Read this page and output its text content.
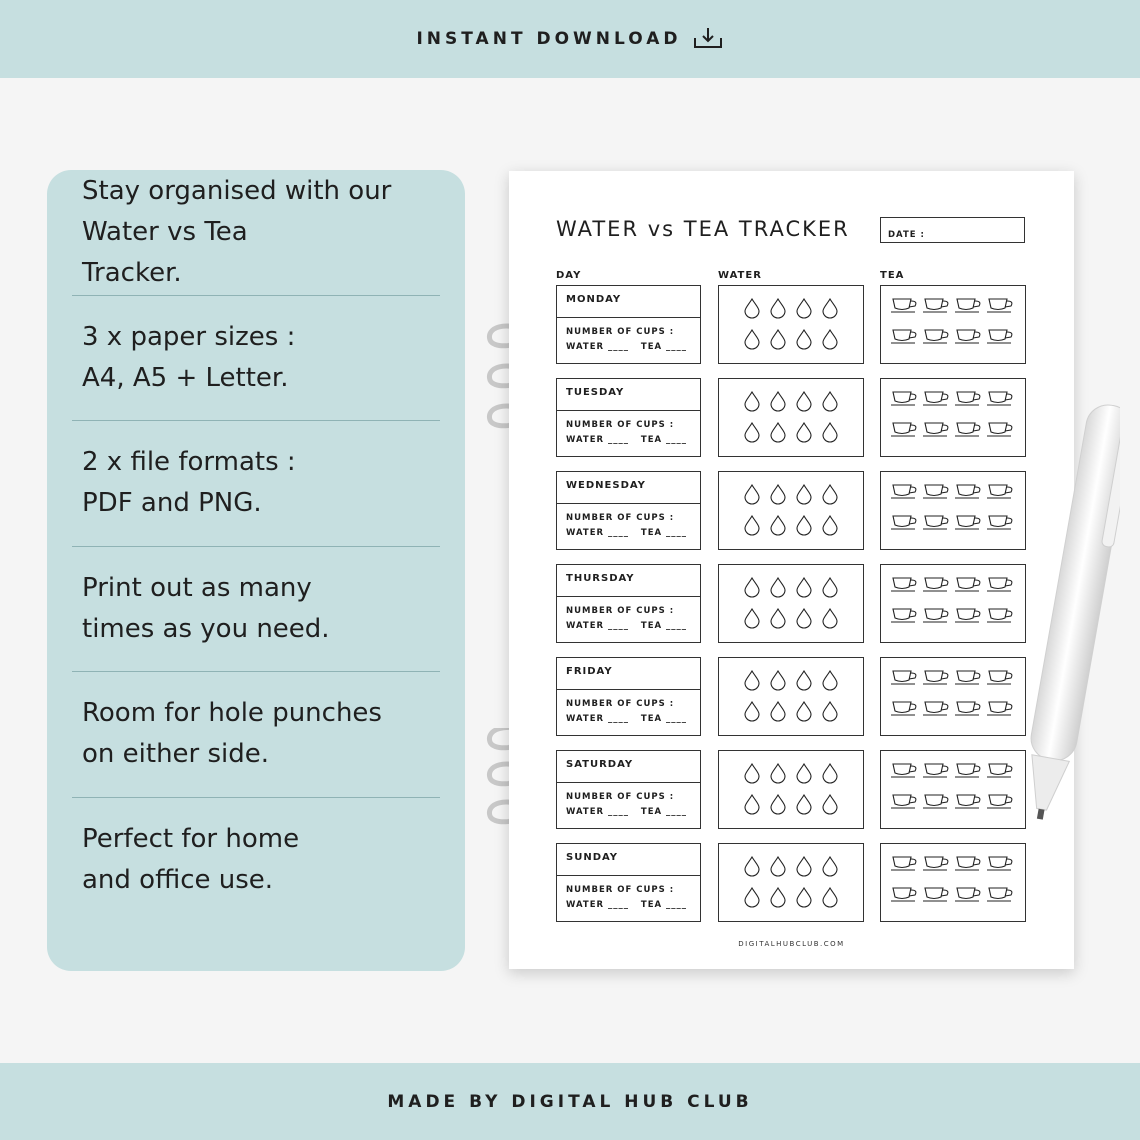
INSTANT DOWNLOAD

Stay organised with our
Water vs Tea
Tracker.

3 x paper sizes :
A4, A5 + Letter.

2 x file formats :
PDF and PNG.

Print out as many
times as you need.

Room for hole punches
on either side.

Perfect for home
and office use.

WATER vs TEA TRACKER	DATE :
DAY	WATER	TEA
DIGITALHUBCLUB.COM
MONDAY
NUMBER OF CUPS :
WATER ____   TEA ____
TUESDAY
NUMBER OF CUPS :
WATER ____   TEA ____
WEDNESDAY
NUMBER OF CUPS :
WATER ____   TEA ____
THURSDAY
NUMBER OF CUPS :
WATER ____   TEA ____
FRIDAY
NUMBER OF CUPS :
WATER ____   TEA ____
SATURDAY
NUMBER OF CUPS :
WATER ____   TEA ____
SUNDAY
NUMBER OF CUPS :
WATER ____   TEA ____
MADE BY DIGITAL HUB CLUB
